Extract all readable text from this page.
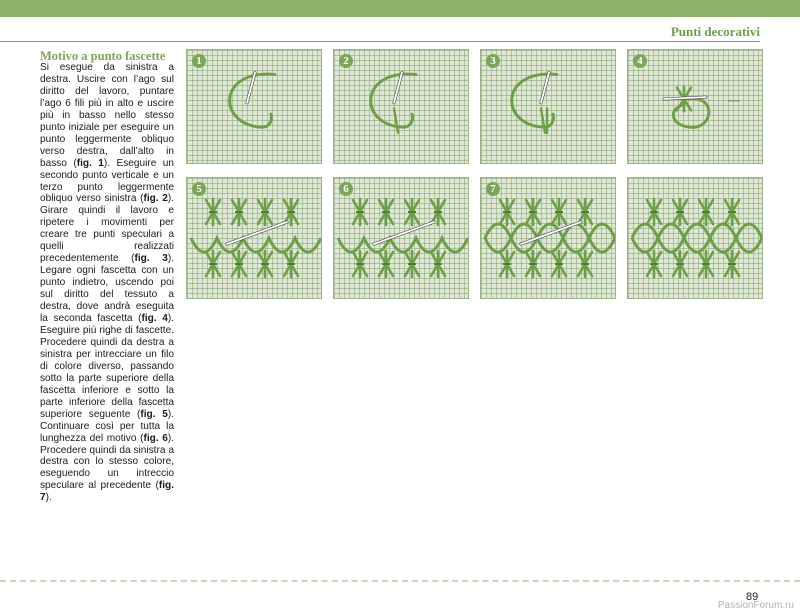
Punti decorativi
Motivo a punto fascette

Si esegue da sinistra a destra. Uscire con l’ago sul diritto del lavoro, puntare l’ago 6 fili più in alto e uscire più in basso nello stesso punto iniziale per eseguire un punto leggermente obliquo verso destra, dall’alto in basso (fig. 1). Eseguire un secondo punto verticale e un terzo punto leggermente obliquo verso sinistra (fig. 2). Girare quindi il lavoro e ripetere i movimenti per creare tre punti speculari a quelli realizzati precedentemente (fig. 3). Legare ogni fascetta con un punto indietro, uscendo poi sul diritto del tessuto a destra, dove andrà eseguita la seconda fascetta (fig. 4). Eseguire più righe di fascette. Procedere quindi da destra a sinistra per intrecciare un filo di colore diverso, passando sotto la parte superiore della fascetta inferiore e sotto la parte inferiore della fascetta superiore seguente (fig. 5). Continuare così per tutta la lunghezza del motivo (fig. 6). Procedere quindi da sinistra a destra con lo stesso colore, eseguendo un intreccio speculare al precedente (fig. 7).

1	2	3	4
5	6	7
89
PassionForum.ru
